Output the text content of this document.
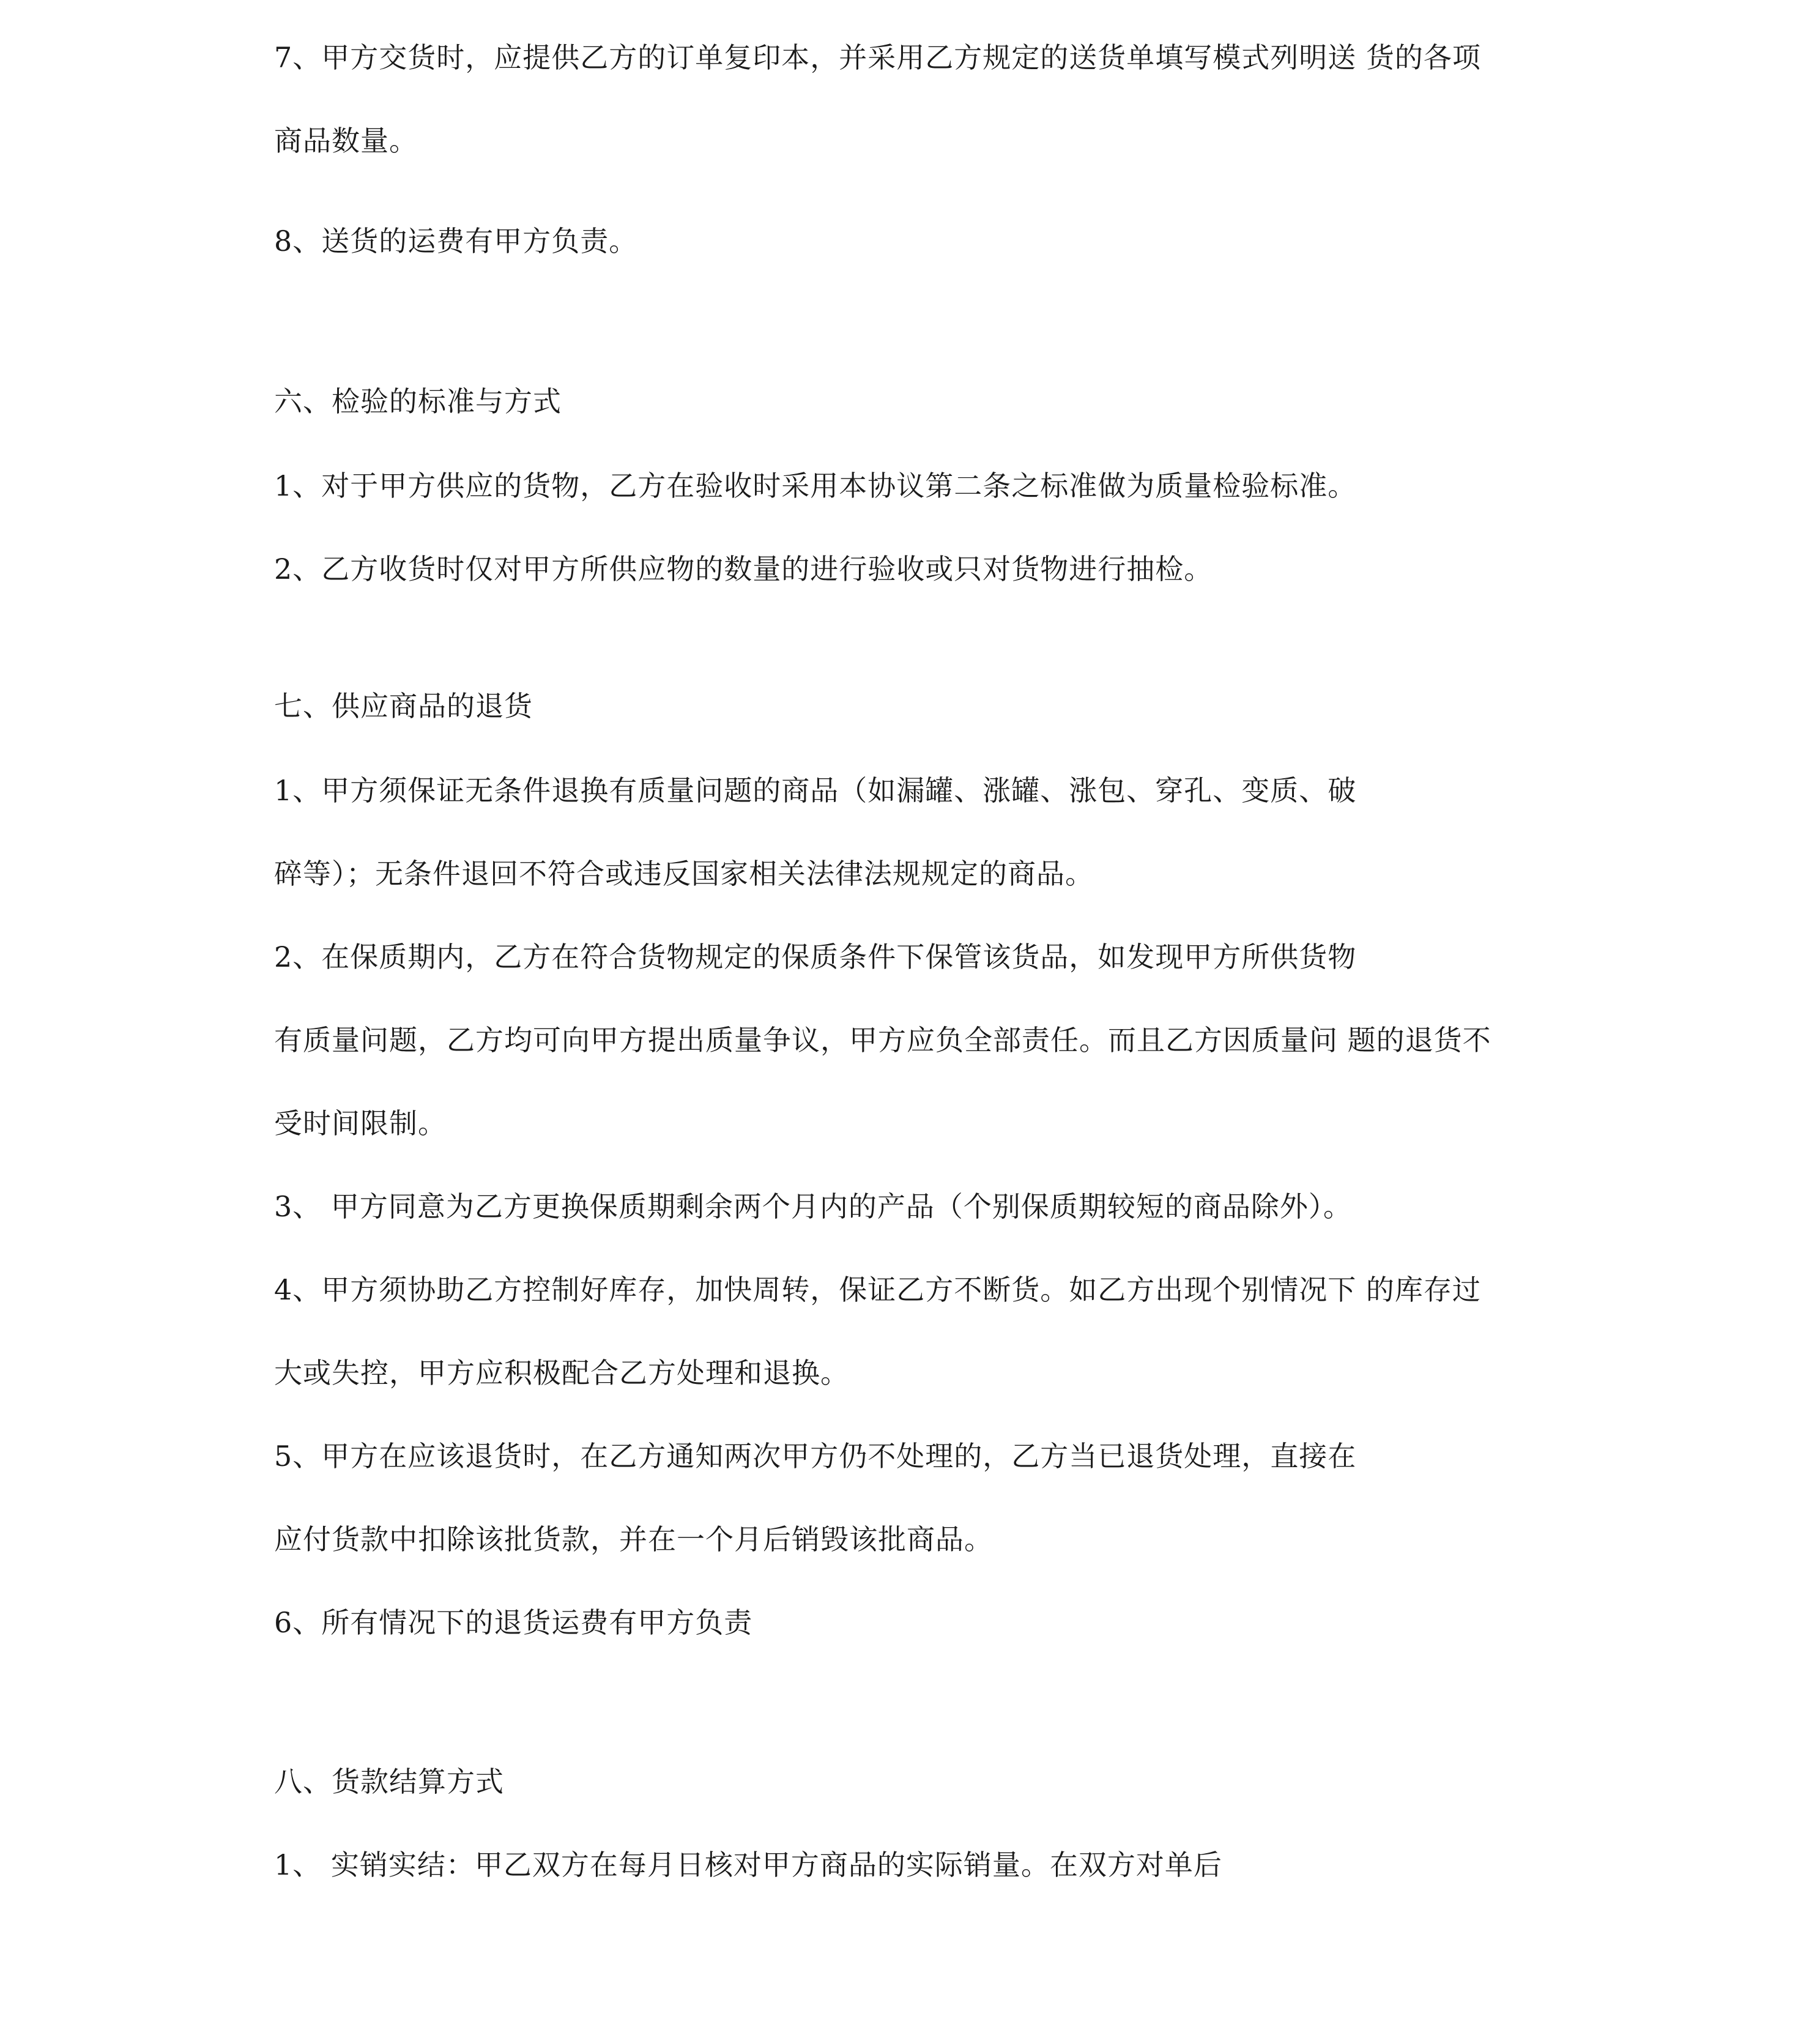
7、甲方交货时，应提供乙方的订单复印本，并采用乙方规定的送货单填写模式列明送 货的各项
商品数量。
8、送货的运费有甲方负责。
六、检验的标准与方式
1、对于甲方供应的货物，乙方在验收时采用本协议第二条之标准做为质量检验标准。
2、乙方收货时仅对甲方所供应物的数量的进行验收或只对货物进行抽检。
七、供应商品的退货
1、甲方须保证无条件退换有质量问题的商品（如漏罐、涨罐、涨包、穿孔、变质、破
碎等）；无条件退回不符合或违反国家相关法律法规规定的商品。
2、在保质期内，乙方在符合货物规定的保质条件下保管该货品，如发现甲方所供货物
有质量问题，乙方均可向甲方提出质量争议，甲方应负全部责任。而且乙方因质量问 题的退货不
受时间限制。
3、 甲方同意为乙方更换保质期剩余两个月内的产品（个别保质期较短的商品除外）。
4、甲方须协助乙方控制好库存，加快周转，保证乙方不断货。如乙方出现个别情况下 的库存过
大或失控，甲方应积极配合乙方处理和退换。
5、甲方在应该退货时，在乙方通知两次甲方仍不处理的，乙方当已退货处理，直接在
应付货款中扣除该批货款，并在一个月后销毁该批商品。
6、所有情况下的退货运费有甲方负责
八、货款结算方式
1、 实销实结：甲乙双方在每月日核对甲方商品的实际销量。在双方对单后
